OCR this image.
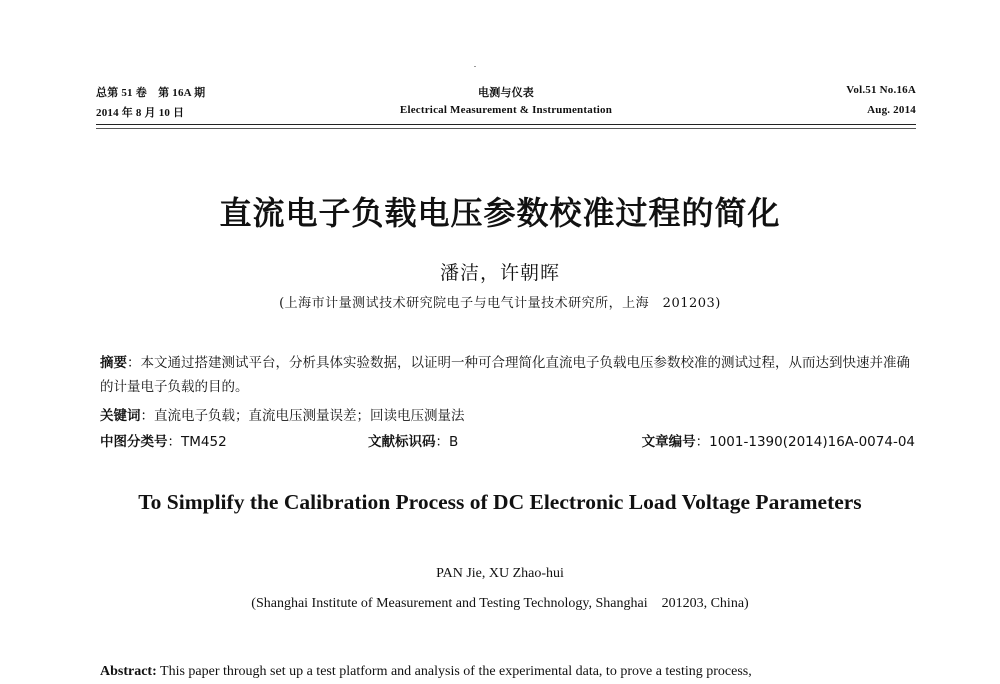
总第 51 卷　第 16A 期
2014 年 8 月 10 日
电测与仪表
Electrical Measurement & Instrumentation
Vol.51 No.16A
Aug. 2014
直流电子负载电压参数校准过程的简化
潘洁，许朝晖
(上海市计量测试技术研究院电子与电气计量技术研究所，上海　201203)
摘要：本文通过搭建测试平台，分析具体实验数据，以证明一种可合理简化直流电子负载电压参数校准的测试过程，从而达到快速并准确的计量电子负载的目的。
关键词：直流电子负载；直流电压测量误差；回读电压测量法
中图分类号：TM452	文献标识码：B	文章编号：1001-1390(2014)16A-0074-04
To Simplify the Calibration Process of DC Electronic Load Voltage Parameters
PAN Jie, XU Zhao-hui
(Shanghai Institute of Measurement and Testing Technology, Shanghai　201203, China)
Abstract: This paper through set up a test platform and analysis of the experimental data, to prove a testing process,
